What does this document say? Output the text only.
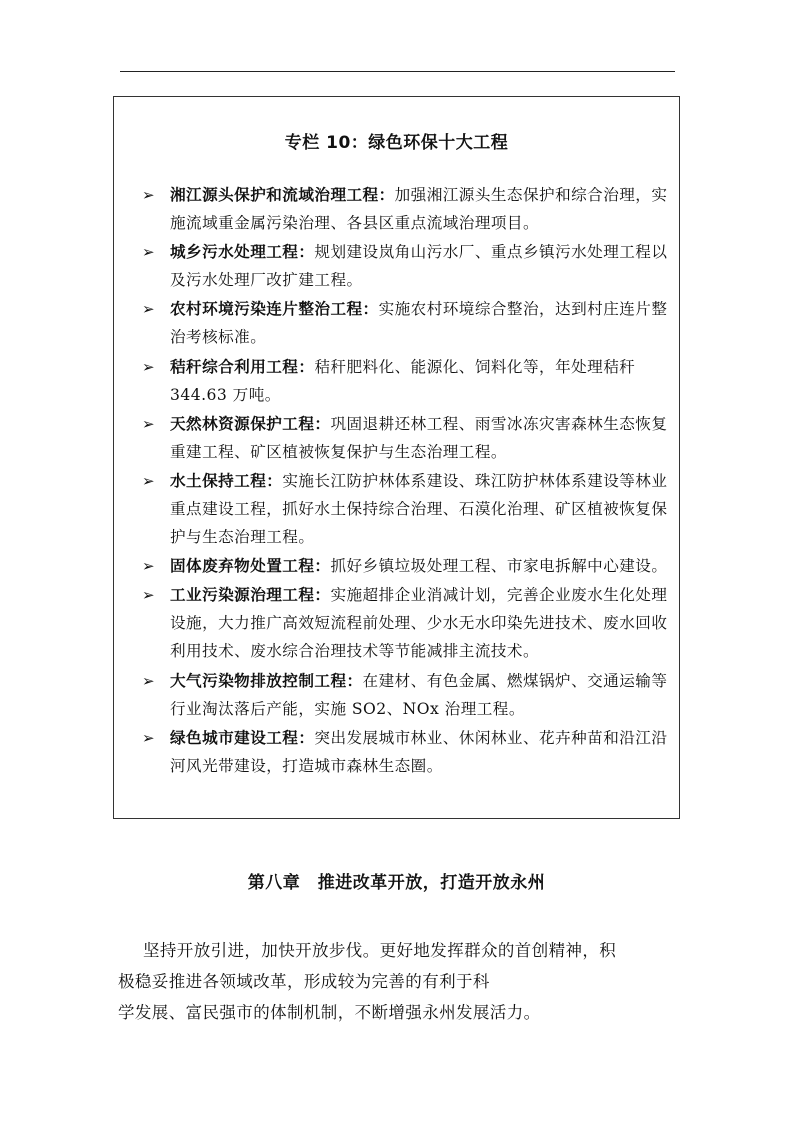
专栏 10：绿色环保十大工程
➢ 湘江源头保护和流域治理工程：加强湘江源头生态保护和综合治理，实施流域重金属污染治理、各县区重点流域治理项目。
➢ 城乡污水处理工程：规划建设岚角山污水厂、重点乡镇污水处理工程以及污水处理厂改扩建工程。
➢ 农村环境污染连片整治工程：实施农村环境综合整治，达到村庄连片整治考核标准。
➢ 秸秆综合利用工程：秸秆肥料化、能源化、饲料化等，年处理秸秆 344.63 万吨。
➢ 天然林资源保护工程：巩固退耕还林工程、雨雪冰冻灾害森林生态恢复重建工程、矿区植被恢复保护与生态治理工程。
➢ 水土保持工程：实施长江防护林体系建设、珠江防护林体系建设等林业重点建设工程，抓好水土保持综合治理、石漠化治理、矿区植被恢复保护与生态治理工程。
➢ 固体废弃物处置工程：抓好乡镇垃圾处理工程、市家电拆解中心建设。
➢ 工业污染源治理工程：实施超排企业消减计划，完善企业废水生化处理设施，大力推广高效短流程前处理、少水无水印染先进技术、废水回收利用技术、废水综合治理技术等节能减排主流技术。
➢ 大气污染物排放控制工程：在建材、有色金属、燃煤锅炉、交通运输等行业淘汰落后产能，实施 SO2、NOx 治理工程。
➢ 绿色城市建设工程：突出发展城市林业、休闲林业、花卉种苗和沿江沿河风光带建设，打造城市森林生态圈。
第八章　推进改革开放，打造开放永州
坚持开放引进，加快开放步伐。更好地发挥群众的首创精神，积
极稳妥推进各领域改革，形成较为完善的有利于科
学发展、富民强市的体制机制，不断增强永州发展活力。
